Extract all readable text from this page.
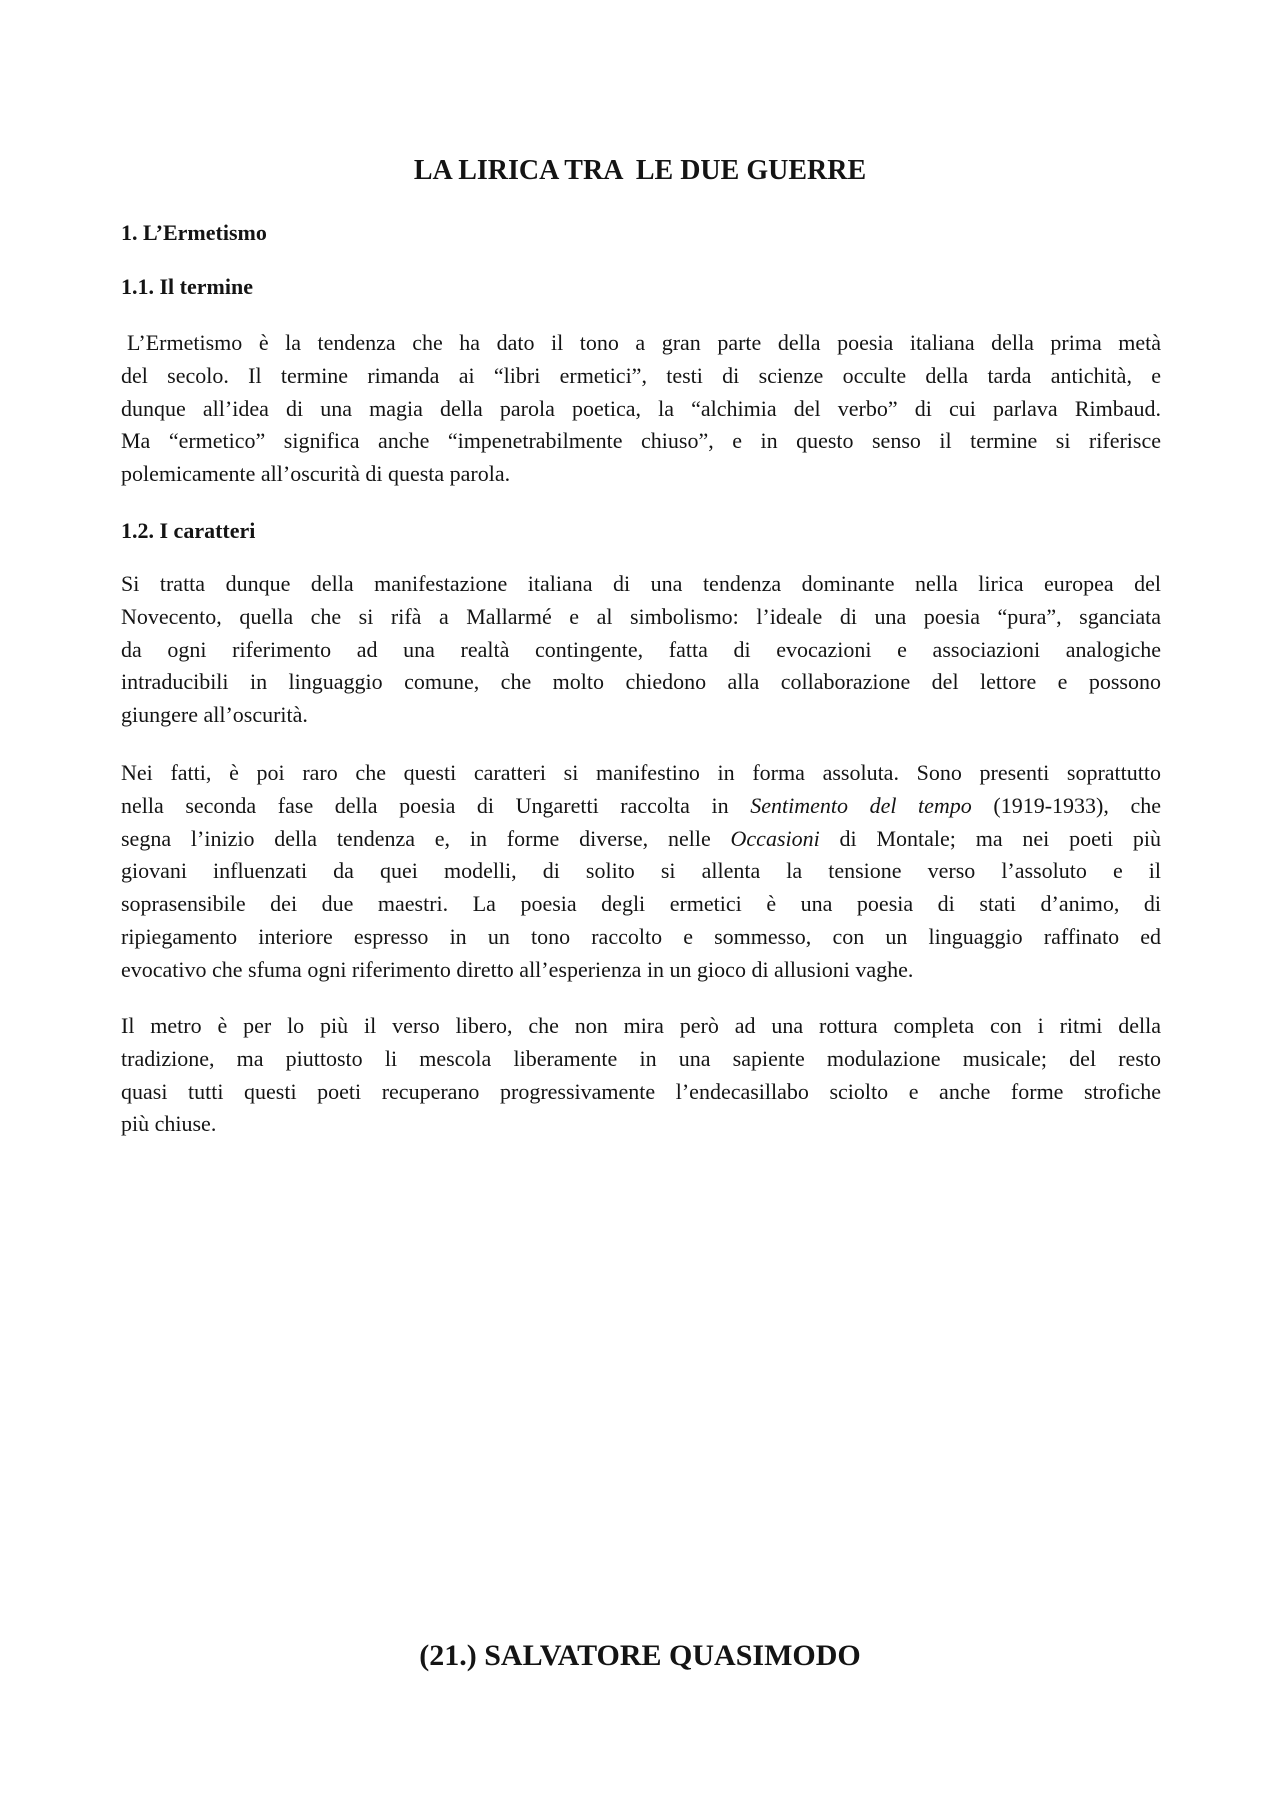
LA LIRICA TRA  LE DUE GUERRE
1. L’Ermetismo
1.1. Il termine
L’Ermetismo è la tendenza che ha dato il tono a gran parte della poesia italiana della prima metà
del secolo. Il termine rimanda ai “libri ermetici”, testi di scienze occulte della tarda antichità, e
dunque all’idea di una magia della parola poetica, la “alchimia del verbo” di cui parlava Rimbaud.
Ma “ermetico” significa anche “impenetrabilmente chiuso”, e in questo senso il termine si riferisce
polemicamente all’oscurità di questa parola.
1.2. I caratteri
Si tratta dunque della manifestazione italiana di una tendenza dominante nella lirica europea del
Novecento, quella che si rifà a Mallarmé e al simbolismo: l’ideale di una poesia “pura”, sganciata
da ogni riferimento ad una realtà contingente, fatta di evocazioni e associazioni analogiche
intraducibili in linguaggio comune, che molto chiedono alla collaborazione del lettore e possono
giungere all’oscurità.
Nei fatti, è poi raro che questi caratteri si manifestino in forma assoluta. Sono presenti soprattutto
nella seconda fase della poesia di Ungaretti raccolta in Sentimento del tempo (1919-1933), che
segna l’inizio della tendenza e, in forme diverse, nelle Occasioni di Montale; ma nei poeti più
giovani influenzati da quei modelli, di solito si allenta la tensione verso l’assoluto e il
soprasensibile dei due maestri. La poesia degli ermetici è una poesia di stati d’animo, di
ripiegamento interiore espresso in un tono raccolto e sommesso, con un linguaggio raffinato ed
evocativo che sfuma ogni riferimento diretto all’esperienza in un gioco di allusioni vaghe.
Il metro è per lo più il verso libero, che non mira però ad una rottura completa con i ritmi della
tradizione, ma piuttosto li mescola liberamente in una sapiente modulazione musicale; del resto
quasi tutti questi poeti recuperano progressivamente l’endecasillabo sciolto e anche forme strofiche
più chiuse.
(21.) SALVATORE QUASIMODO
